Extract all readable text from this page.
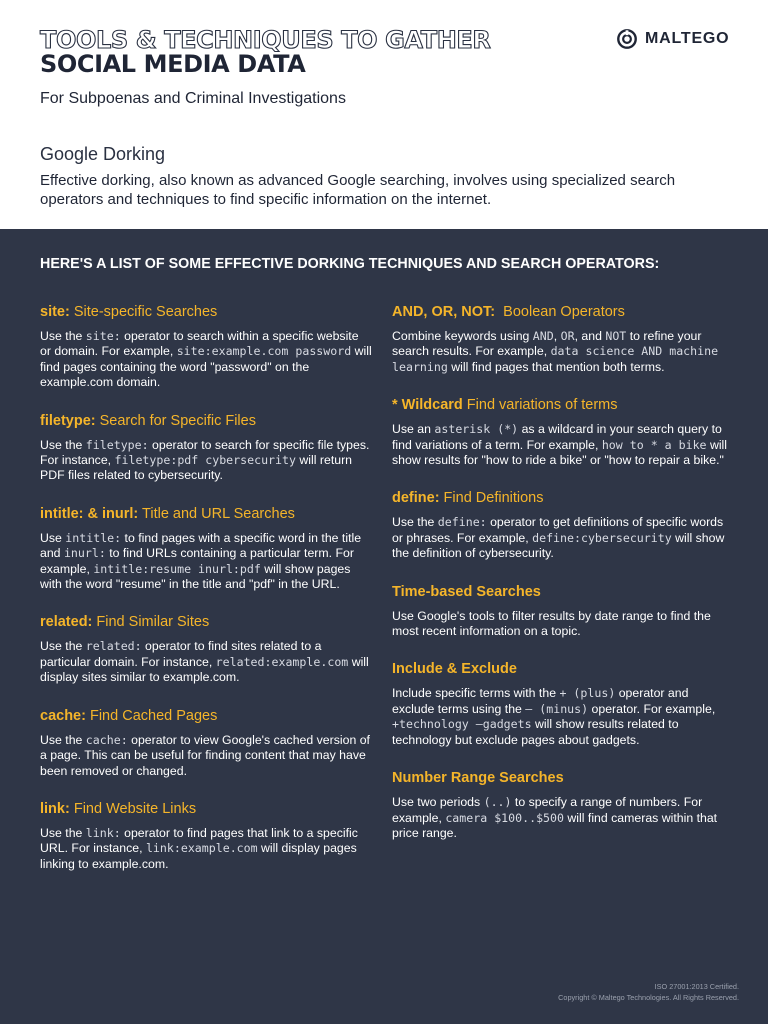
TOOLS & TECHNIQUES TO GATHER
SOCIAL MEDIA DATA
For Subpoenas and Criminal Investigations
MALTEGO
Google Dorking
Effective dorking, also known as advanced Google searching, involves using specialized search operators and techniques to find specific information on the internet.
HERE'S A LIST OF SOME EFFECTIVE DORKING TECHNIQUES AND SEARCH OPERATORS:
site: Site-specific Searches
Use the site: operator to search within a specific website or domain. For example, site:example.com password will find pages containing the word "password" on the example.com domain.
filetype: Search for Specific Files
Use the filetype: operator to search for specific file types. For instance, filetype:pdf cybersecurity will return PDF files related to cybersecurity.
intitle: & inurl: Title and URL Searches
Use intitle: to find pages with a specific word in the title and inurl: to find URLs containing a particular term. For example, intitle:resume inurl:pdf will show pages with the word "resume" in the title and "pdf" in the URL.
related: Find Similar Sites
Use the related: operator to find sites related to a particular domain. For instance, related:example.com will display sites similar to example.com.
cache: Find Cached Pages
Use the cache: operator to view Google's cached version of a page. This can be useful for finding content that may have been removed or changed.
link: Find Website Links
Use the link: operator to find pages that link to a specific URL. For instance, link:example.com will display pages linking to example.com.
AND, OR, NOT:  Boolean Operators
Combine keywords using AND, OR, and NOT to refine your search results. For example, data science AND machine learning will find pages that mention both terms.
* Wildcard Find variations of terms
Use an asterisk (*) as a wildcard in your search query to find variations of a term. For example, how to * a bike will show results for "how to ride a bike" or "how to repair a bike."
define: Find Definitions
Use the define: operator to get definitions of specific words or phrases. For example, define:cybersecurity will show the definition of cybersecurity.
Time-based Searches
Use Google's tools to filter results by date range to find the most recent information on a topic.
Include & Exclude
Include specific terms with the + (plus) operator and exclude terms using the – (minus) operator. For example, +technology –gadgets will show results related to technology but exclude pages about gadgets.
Number Range Searches
Use two periods (..) to specify a range of numbers. For example, camera $100..$500 will find cameras within that price range.
ISO 27001:2013 Certified.
Copyright © Maltego Technologies. All Rights Reserved.
